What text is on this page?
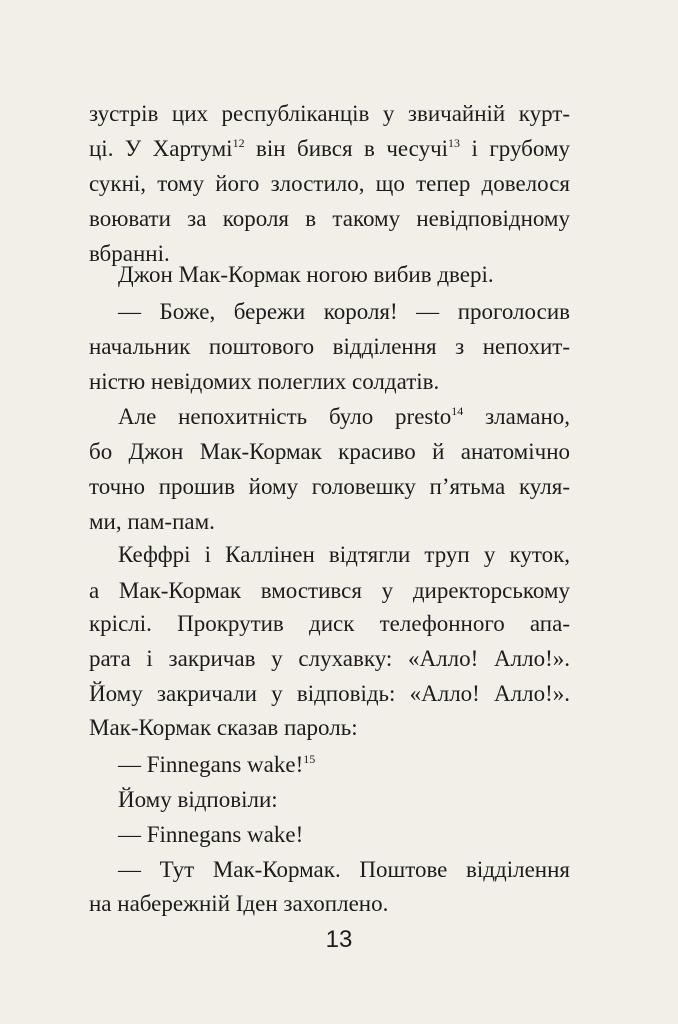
зустрів цих республіканців у звичайній курт-
ці. У Хартумі$^{12}$ він бився в чесучі$^{13}$ і грубому
сукні, тому його злостило, що тепер довелося
воювати за короля в такому невідповідному
вбранні.
Джон Мак-Кормак ногою вибив двері.
— Боже, бережи короля! — проголосив
начальник поштового відділення з непохит-
ністю невідомих полеглих солдатів.
Але непохитність було presto$^{14}$ зламано,
бо Джон Мак-Кормак красиво й анатомічно
точно прошив йому головешку п’ятьма куля-
ми, пам-пам.
Кеффрі і Каллінен відтягли труп у куток,
а Мак-Кормак вмостився у директорському
кріслі. Прокрутив диск телефонного апа-
рата і закричав у слухавку: «Алло! Алло!».
Йому закричали у відповідь: «Алло! Алло!».
Мак-Кормак сказав пароль:
— Finnegans wake!$^{15}$
Йому відповіли:
— Finnegans wake!
— Тут Мак-Кормак. Поштове відділення
на набережній Іден захоплено.
13
